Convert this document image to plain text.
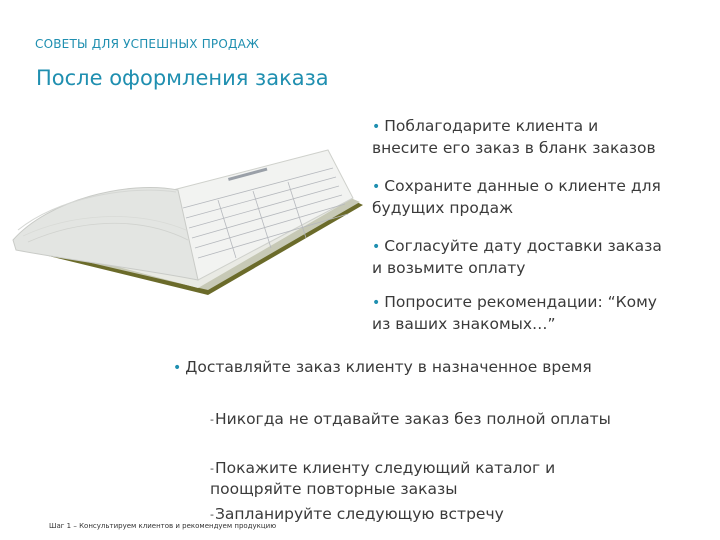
СОВЕТЫ ДЛЯ УСПЕШНЫХ ПРОДАЖ
После оформления заказа
• Поблагодарите клиента и внесите его заказ в бланк заказов
• Сохраните данные о клиенте для будущих продаж
• Согласуйте дату доставки заказа и возьмите оплату
• Попросите рекомендации: “Кому из ваших знакомых…”
• Доставляйте заказ клиенту в назначенное время
-Никогда не отдавайте заказ без полной оплаты
-Покажите клиенту следующий каталог и поощряйте повторные заказы
-Запланируйте следующую встречу
Шаг 1 – Консультируем клиентов и рекомендуем продукцию
